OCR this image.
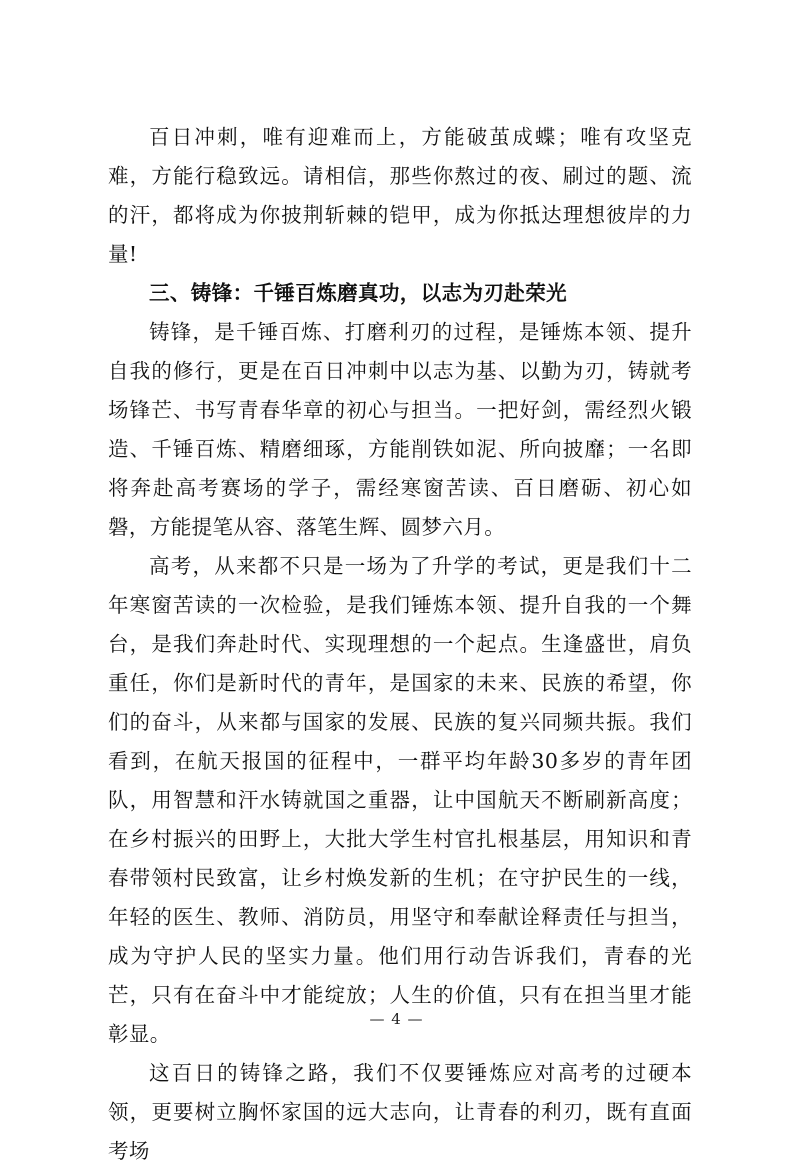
百日冲刺，唯有迎难而上，方能破茧成蝶；唯有攻坚克难，方能行稳致远。请相信，那些你熬过的夜、刷过的题、流的汗，都将成为你披荆斩棘的铠甲，成为你抵达理想彼岸的力量!

三、铸锋：千锤百炼磨真功，以志为刃赴荣光

铸锋，是千锤百炼、打磨利刃的过程，是锤炼本领、提升自我的修行，更是在百日冲刺中以志为基、以勤为刃，铸就考场锋芒、书写青春华章的初心与担当。一把好剑，需经烈火锻造、千锤百炼、精磨细琢，方能削铁如泥、所向披靡；一名即将奔赴高考赛场的学子，需经寒窗苦读、百日磨砺、初心如磐，方能提笔从容、落笔生辉、圆梦六月。

高考，从来都不只是一场为了升学的考试，更是我们十二年寒窗苦读的一次检验，是我们锤炼本领、提升自我的一个舞台，是我们奔赴时代、实现理想的一个起点。生逢盛世，肩负重任，你们是新时代的青年，是国家的未来、民族的希望，你们的奋斗，从来都与国家的发展、民族的复兴同频共振。我们看到，在航天报国的征程中，一群平均年龄30多岁的青年团队，用智慧和汗水铸就国之重器，让中国航天不断刷新高度；在乡村振兴的田野上，大批大学生村官扎根基层，用知识和青春带领村民致富，让乡村焕发新的生机；在守护民生的一线，年轻的医生、教师、消防员，用坚守和奉献诠释责任与担当，成为守护人民的坚实力量。他们用行动告诉我们，青春的光芒，只有在奋斗中才能绽放；人生的价值，只有在担当里才能彰显。

这百日的铸锋之路，我们不仅要锤炼应对高考的过硬本领，更要树立胸怀家国的远大志向，让青春的利刃，既有直面考场

— 4 —
